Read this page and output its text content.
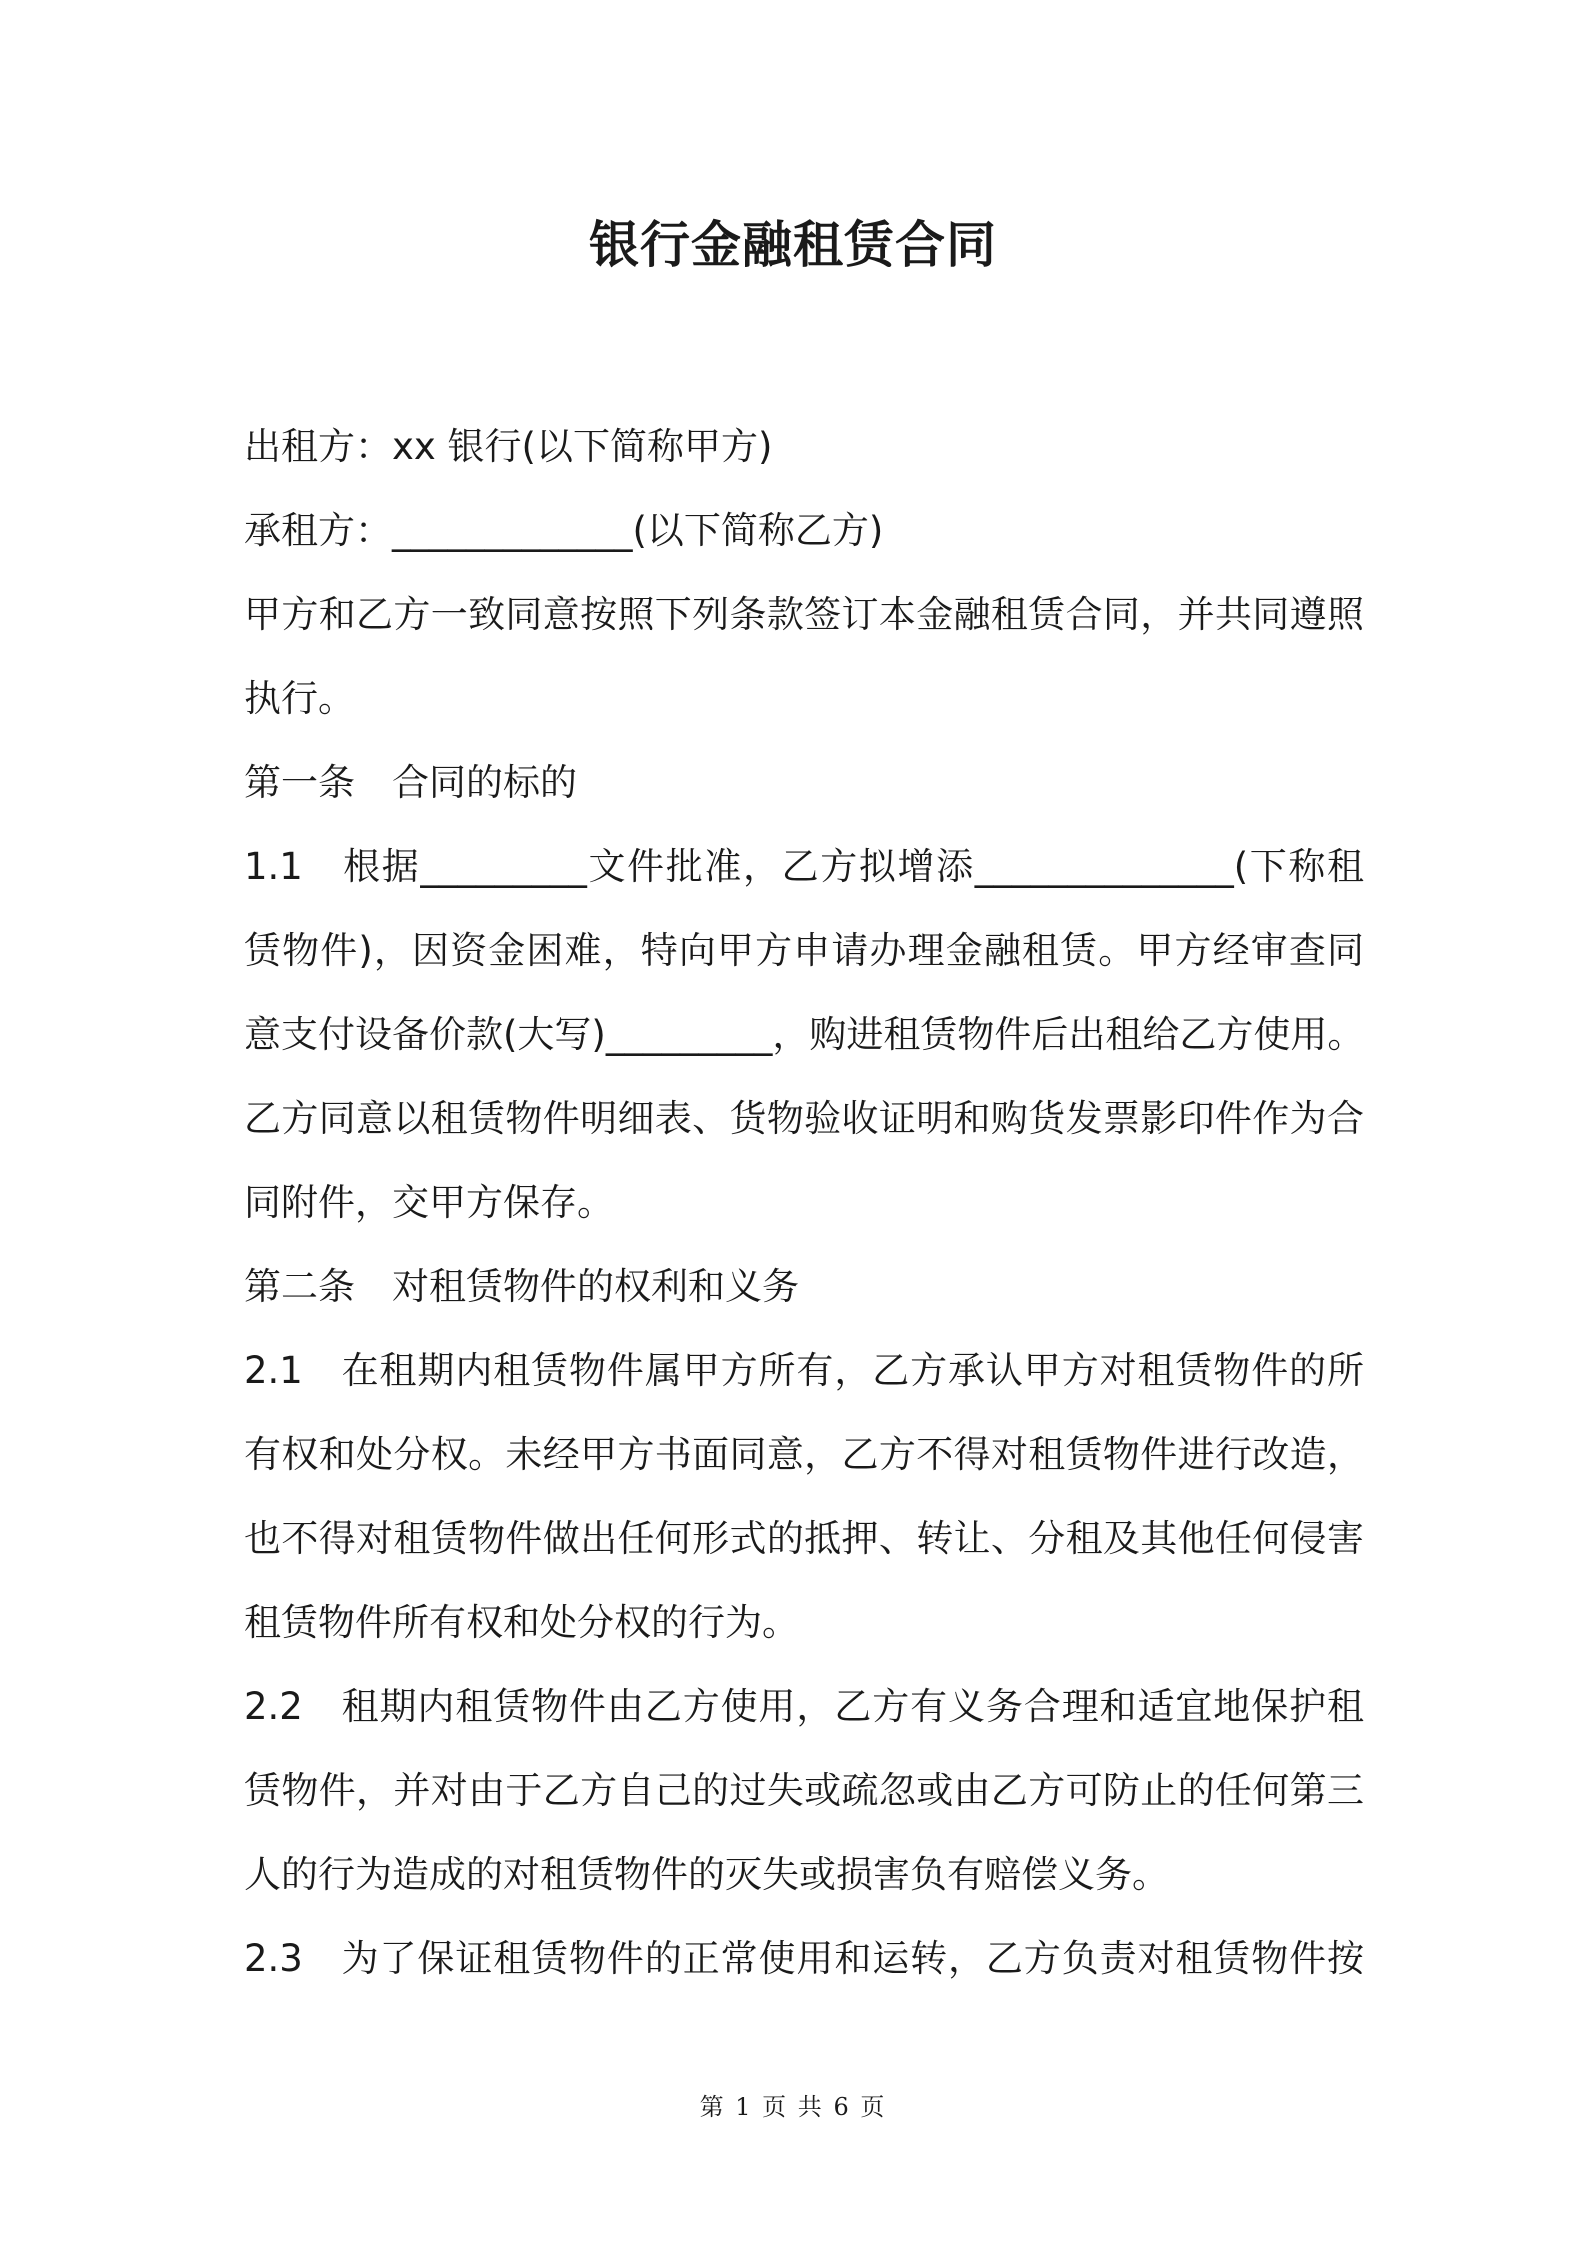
银行金融租赁合同
出租方：xx 银行(以下简称甲方)
承租方：_____________(以下简称乙方)
甲方和乙方一致同意按照下列条款签订本金融租赁合同，并共同遵照
执行。
第一条　合同的标的
1.1　根据_________文件批准，乙方拟增添______________(下称租
赁物件)，因资金困难，特向甲方申请办理金融租赁。甲方经审查同
意支付设备价款(大写)_________，购进租赁物件后出租给乙方使用。
乙方同意以租赁物件明细表、货物验收证明和购货发票影印件作为合
同附件，交甲方保存。
第二条　对租赁物件的权利和义务
2.1　在租期内租赁物件属甲方所有，乙方承认甲方对租赁物件的所
有权和处分权。未经甲方书面同意，乙方不得对租赁物件进行改造，
也不得对租赁物件做出任何形式的抵押、转让、分租及其他任何侵害
租赁物件所有权和处分权的行为。
2.2　租期内租赁物件由乙方使用，乙方有义务合理和适宜地保护租
赁物件，并对由于乙方自己的过失或疏忽或由乙方可防止的任何第三
人的行为造成的对租赁物件的灭失或损害负有赔偿义务。
2.3　为了保证租赁物件的正常使用和运转，乙方负责对租赁物件按
第 1 页 共 6 页
